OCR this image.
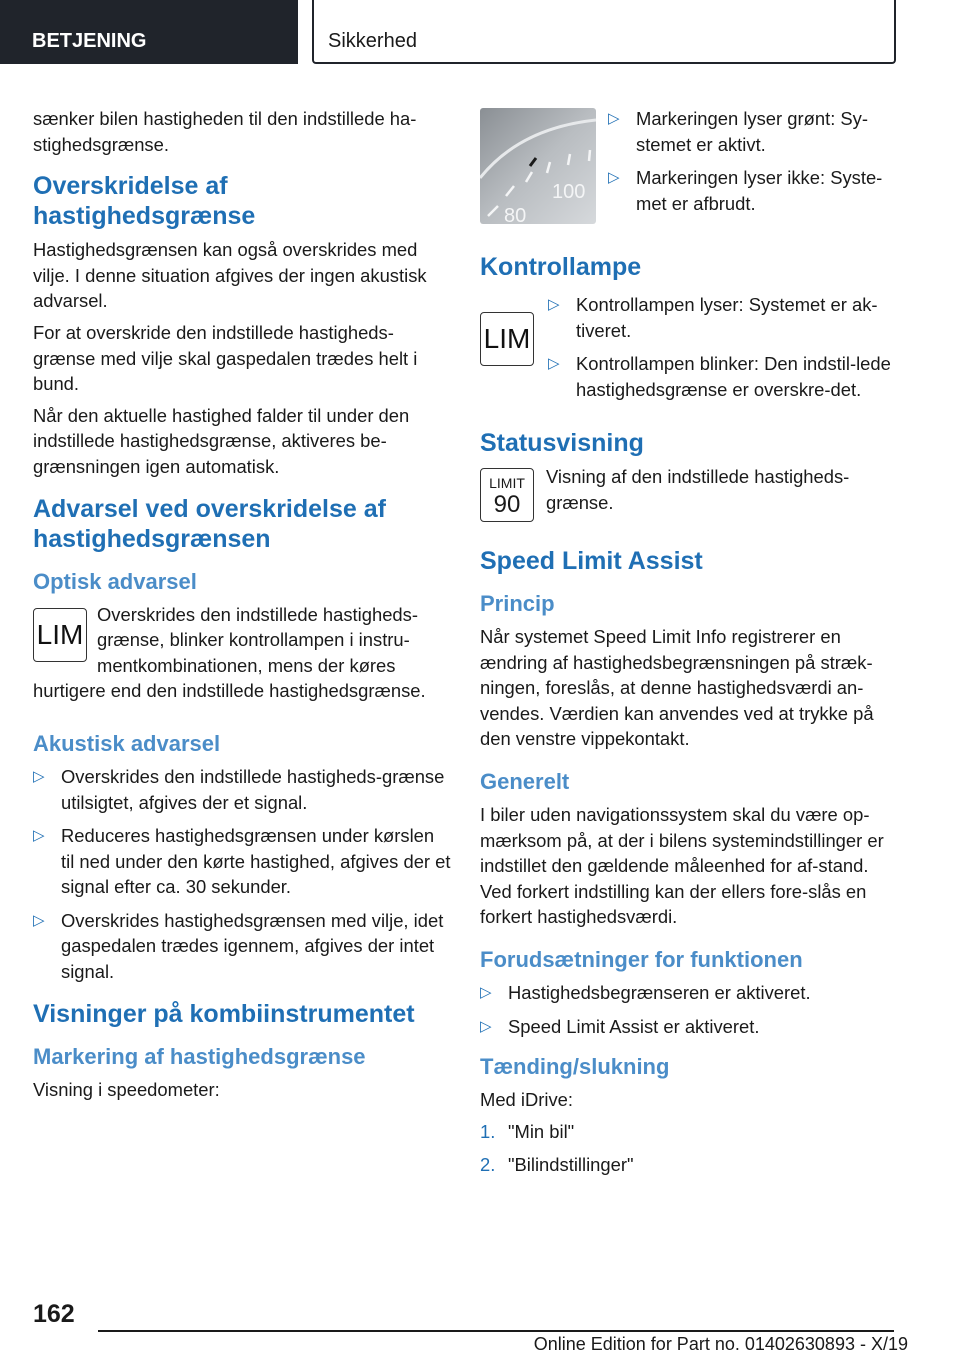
BETJENING	Sikkerhed

sænker bilen hastigheden til den indstillede ha-stighedsgrænse.

Overskridelse af hastighedsgrænse

Hastighedsgrænsen kan også overskrides med vilje. I denne situation afgives der ingen akustisk advarsel.

For at overskride den indstillede hastigheds-grænse med vilje skal gaspedalen trædes helt i bund.

Når den aktuelle hastighed falder til under den indstillede hastighedsgrænse, aktiveres be-grænsningen igen automatisk.

Advarsel ved overskridelse af hastighedsgrænsen
Optisk advarsel
LIM

Overskrides den indstillede hastigheds-grænse, blinker kontrollampen i instru-mentkombinationen, mens der køres hurtigere end den indstillede hastighedsgrænse.

Akustisk advarsel
▷ Overskrides den indstillede hastigheds-grænse utilsigtet, afgives der et signal.
▷ Reduceres hastighedsgrænsen under kørslen til ned under den kørte hastighed, afgives der et signal efter ca. 30 sekunder.
▷ Overskrides hastighedsgrænsen med vilje, idet gaspedalen trædes igennem, afgives der intet signal.
Visninger på kombiinstrumentet
Markering af hastighedsgrænse

Visning i speedometer:

100
80
▷ Markeringen lyser grønt: Sy-stemet er aktivt.
▷ Markeringen lyser ikke: Syste-met er afbrudt.
Kontrollampe
LIM
▷ Kontrollampen lyser: Systemet er ak-tiveret.
▷ Kontrollampen blinker: Den indstil-lede hastighedsgrænse er overskre-det.
Statusvisning
LIMIT
90

Visning af den indstillede hastigheds-grænse.

Speed Limit Assist
Princip

Når systemet Speed Limit Info registrerer en ændring af hastighedsbegrænsningen på stræk-ningen, foreslås, at denne hastighedsværdi an-vendes. Værdien kan anvendes ved at trykke på den venstre vippekontakt.

Generelt

I biler uden navigationssystem skal du være op-mærksom på, at der i bilens systemindstillinger er indstillet den gældende måleenhed for af-stand. Ved forkert indstilling kan der ellers fore-slås en forkert hastighedsværdi.

Forudsætninger for funktionen
▷ Hastighedsbegrænseren er aktiveret.
▷ Speed Limit Assist er aktiveret.
Tænding/slukning

Med iDrive:

1. "Min bil"
2. "Bilindstillinger"
162
Online Edition for Part no. 01402630893 - X/19
